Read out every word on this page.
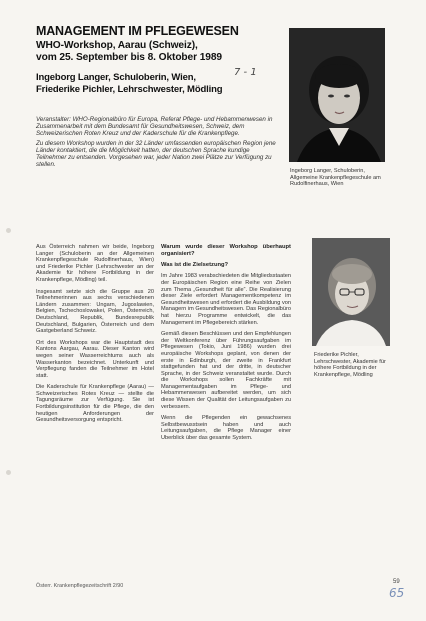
MANAGEMENT IM PFLEGEWESEN
WHO-Workshop, Aarau (Schweiz),
vom 25. September bis 8. Oktober 1989
Ingeborg Langer, Schuloberin, Wien,
Friederike Pichler, Lehrschwester, Mödling
7 - 1

Veranstalter: WHO-Regionalbüro für Europa, Referat Pflege- und Hebammenwesen in Zusammenarbeit mit dem Bundesamt für Gesundheitswesen, Schweiz, dem Schweizerischen Roten Kreuz und der Kaderschule für die Krankenpflege.

Zu diesem Workshop wurden in der 32 Länder umfassenden europäischen Region jene Länder kontaktiert, die die Möglichkeit hatten, der deutschen Sprache kundige Teilnehmer zu entsenden. Vorgesehen war, jeder Nation zwei Plätze zur Verfügung zu stellen.

Ingeborg Langer, Schuloberin, Allgemeine Krankenpflegeschule am Rudolfinerhaus, Wien
Friederike Pichler, Lehrschwester, Akademie für höhere Fortbildung in der Krankenpflege, Mödling

Aus Österreich nahmen wir beide, Ingeborg Langer (Schuloberin an der Allgemeinen Krankenpflegeschule Rudolfinerhaus, Wien) und Friederike Pichler (Lehrschwester an der Akademie für höhere Fortbildung in der Krankenpflege, Mödling) teil.

Insgesamt setzte sich die Gruppe aus 20 Teilnehmerinnen aus sechs verschiedenen Ländern zusammen: Ungarn, Jugoslawien, Belgien, Tschechoslowakei, Polen, Österreich, Deutschland, Republik, Bundesrepublik Deutschland, Bulgarien, Österreich und dem Gastgeberland Schweiz.

Ort des Workshops war die Hauptstadt des Kantons Aargau, Aarau. Dieser Kanton wird wegen seiner Wasserreichtums auch als Wasserkanton bezeichnet. Unterkunft und Verpflegung fanden die Teilnehmer im Hotel statt.

Die Kaderschule für Krankenpflege (Aarau) — Schweizerisches Rotes Kreuz — stellte die Tagungsräume zur Verfügung. Sie ist Fortbildungsinstitution für die Pflege, die den heutigen Anforderungen der Gesundheitsversorgung entspricht.

Warum wurde dieser Workshop überhaupt organisiert?
Was ist die Zielsetzung?

Im Jahre 1983 verabschiedeten die Mitgliedsstaaten der Europäischen Region eine Reihe von Zielen zum Thema „Gesundheit für alle“. Die Realisierung dieser Ziele erfordert Managementkompetenz im Gesundheitswesen und erfordert die Ausbildung von Managern im Gesundheitswesen. Das Regionalbüro hat hierzu Programme entwickelt, die das Management im Pflegebereich stärken.

Gemäß diesen Beschlüssen und den Empfehlungen der Weltkonferenz über Führungsaufgaben im Pflegewesen (Tokio, Juni 1986) wurden drei europäische Workshops geplant, von denen der erste in Edinburgh, der zweite in Frankfurt stattgefunden hat und der dritte, in deutscher Sprache, in der Schweiz veranstaltet wurde. Durch die Workshops sollen Fachkräfte mit Managementaufgaben im Pflege- und Hebammenwesen aufbereitet werden, um sich diese Wissen der Qualität der Leitungsaufgaben zu verbessern.

Wenn die Pflegenden ein gewachsenes Selbstbewusstsein haben und auch Leitungsaufgaben, die Pflege Manager einer Uberblick über das gesamte System.

Österr. Krankenpflegezeitschrift 2/90
59
65
